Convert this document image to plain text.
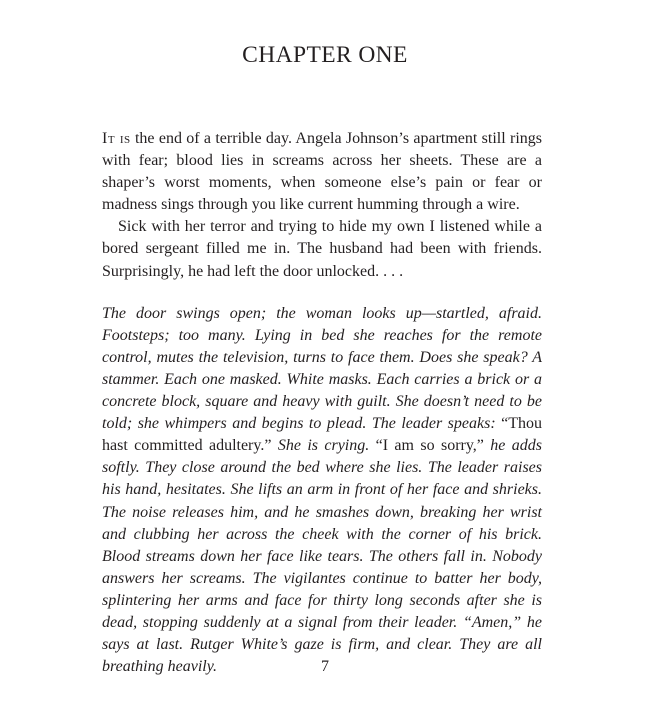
CHAPTER ONE

It is the end of a terrible day. Angela Johnson’s apartment still rings with fear; blood lies in screams across her sheets. These are a shaper’s worst moments, when someone else’s pain or fear or madness sings through you like current humming through a wire.

Sick with her terror and trying to hide my own I listened while a bored sergeant filled me in. The husband had been with friends. Surprisingly, he had left the door unlocked. . . .

The door swings open; the woman looks up—startled, afraid. Footsteps; too many. Lying in bed she reaches for the remote control, mutes the television, turns to face them. Does she speak? A stammer. Each one masked. White masks. Each carries a brick or a concrete block, square and heavy with guilt. She doesn’t need to be told; she whimpers and begins to plead. The leader speaks: “Thou hast committed adultery.” She is crying. “I am so sorry,” he adds softly. They close around the bed where she lies. The leader raises his hand, hesitates. She lifts an arm in front of her face and shrieks. The noise releases him, and he smashes down, breaking her wrist and clubbing her across the cheek with the corner of his brick. Blood streams down her face like tears. The others fall in. Nobody answers her screams. The vigilantes continue to batter her body, splintering her arms and face for thirty long seconds after she is dead, stopping suddenly at a signal from their leader. “Amen,” he says at last. Rutger White’s gaze is firm, and clear. They are all breathing heavily.	7
